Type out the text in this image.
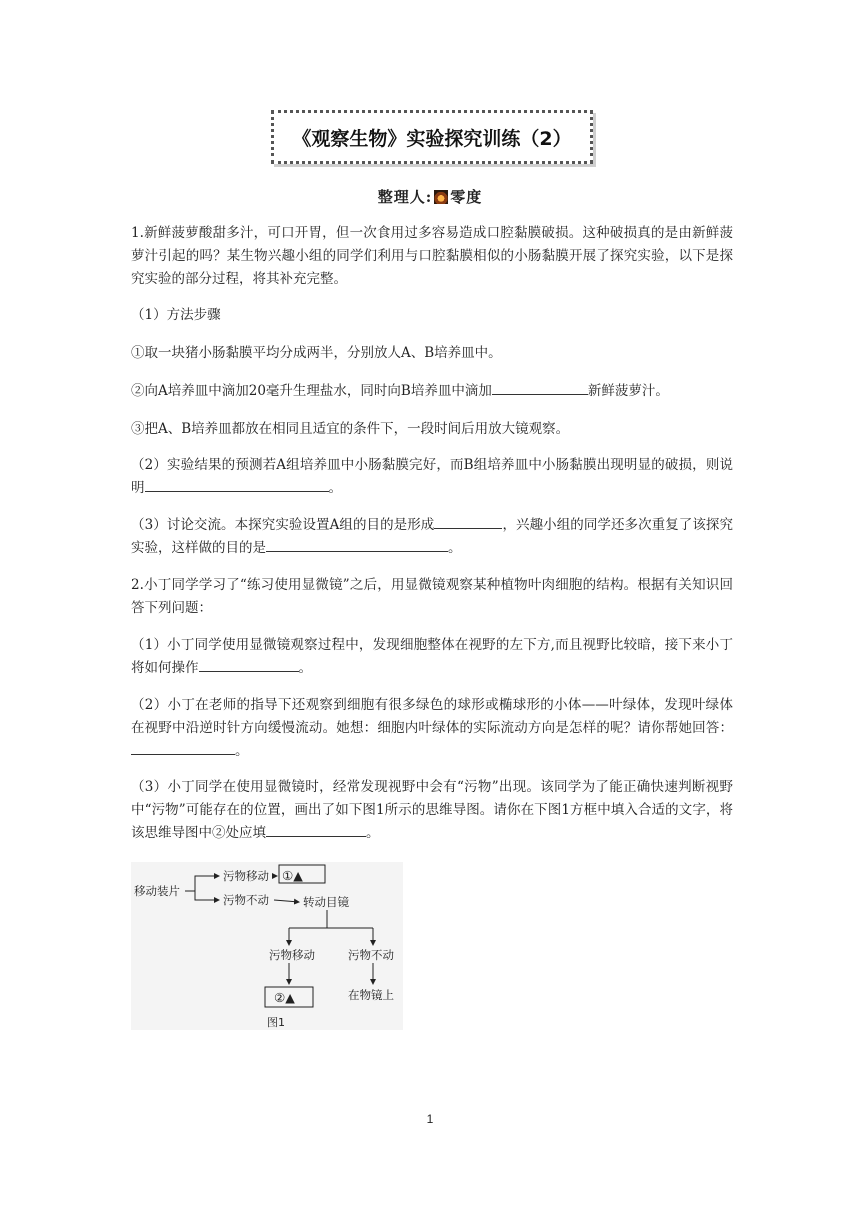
《观察生物》实验探究训练（2）
整理人: 零度

1.新鲜菠萝酸甜多汁，可口开胃，但一次食用过多容易造成口腔黏膜破损。这种破损真的是由新鲜菠萝汁引起的吗？某生物兴趣小组的同学们利用与口腔黏膜相似的小肠黏膜开展了探究实验，以下是探究实验的部分过程，将其补充完整。

（1）方法步骤

①取一块猪小肠黏膜平均分成两半，分别放人A、B培养皿中。

②向A培养皿中滴加20毫升生理盐水，同时向B培养皿中滴加	新鲜菠萝汁。

③把A、B培养皿都放在相同且适宜的条件下，一段时间后用放大镜观察。

（2）实验结果的预测若A组培养皿中小肠黏膜完好，而B组培养皿中小肠黏膜出现明显的破损，则说明	。

（3）讨论交流。本探究实验设置A组的目的是形成	，兴趣小组的同学还多次重复了该探究实验，这样做的目的是	。

2.小丁同学学习了“练习使用显微镜”之后，用显微镜观察某种植物叶肉细胞的结构。根据有关知识回答下列问题：

（1）小丁同学使用显微镜观察过程中，发现细胞整体在视野的左下方,而且视野比较暗，接下来小丁将如何操作	。

（2）小丁在老师的指导下还观察到细胞有很多绿色的球形或椭球形的小体——叶绿体，发现叶绿体在视野中沿逆时针方向缓慢流动。她想：细胞内叶绿体的实际流动方向是怎样的呢？请你帮她回答：。

（3）小丁同学在使用显微镜时，经常发现视野中会有“污物”出现。该同学为了能正确快速判断视野中“污物”可能存在的位置，画出了如下图1所示的思维导图。请你在下图1方框中填入合适的文字，将该思维导图中②处应填	。

移动装片
污物移动
污物不动
①▲
转动目镜
污物移动	污物不动
②▲	在物镜上
图1
1
